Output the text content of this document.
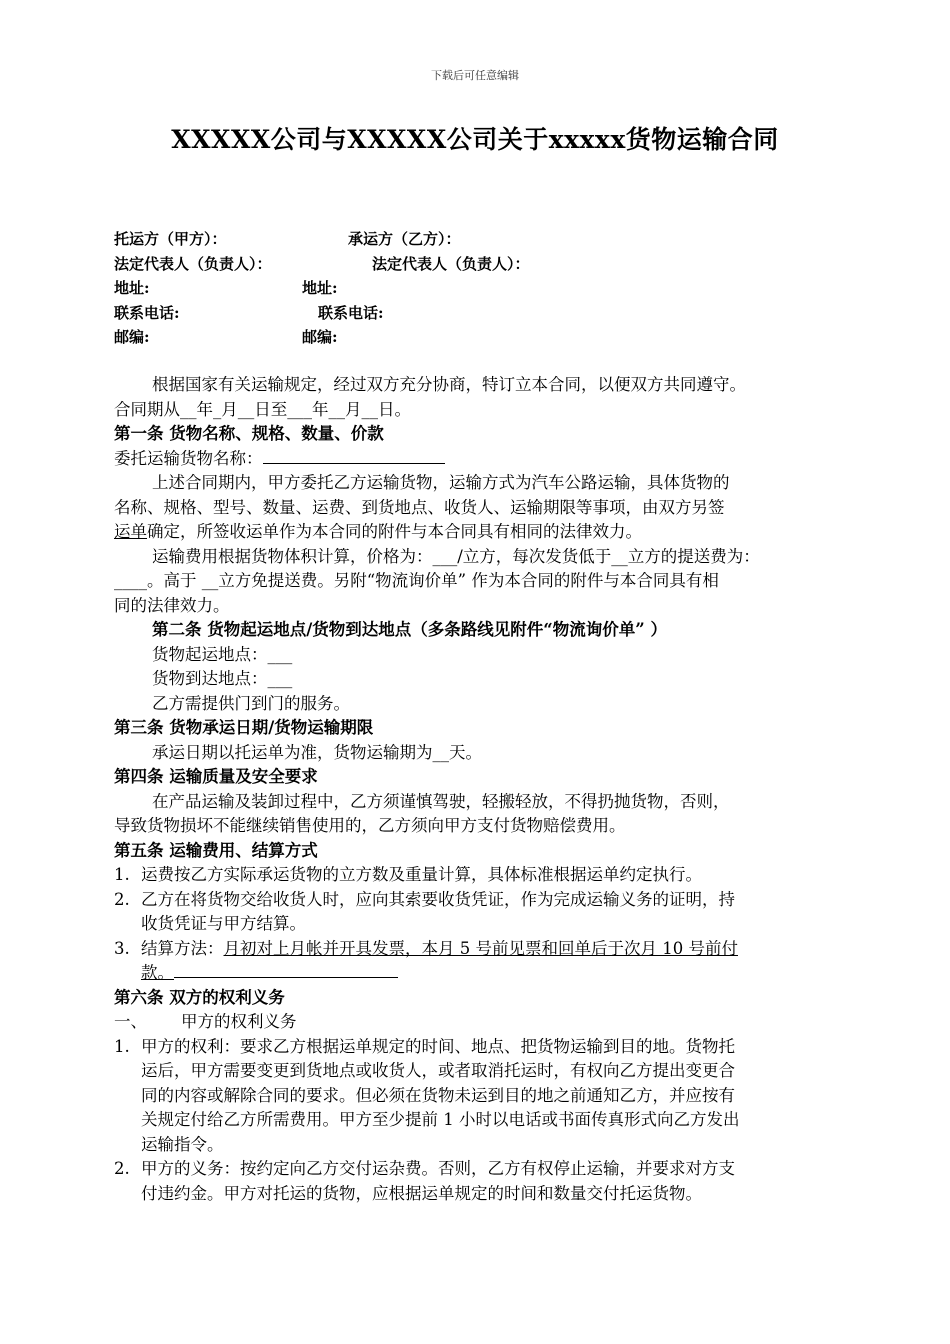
下载后可任意编辑
XXXXX公司与XXXXX公司关于xxxxx货物运输合同
托运方（甲方）：	承运方（乙方）：
法定代表人（负责人）：	法定代表人（负责人）：
地址:	地址:
联系电话:	联系电话:
邮编:	邮编:
根据国家有关运输规定，经过双方充分协商，特订立本合同，以便双方共同遵守。
合同期从__年_月__日至___年__月__日。
第一条 货物名称、规格、数量、价款
委托运输货物名称：
上述合同期内，甲方委托乙方运输货物，运输方式为汽车公路运输，具体货物的
名称、规格、型号、数量、运费、到货地点、收货人、运输期限等事项，由双方另签
运单确定，所签收运单作为本合同的附件与本合同具有相同的法律效力。
运输费用根据货物体积计算，价格为：___/立方，每次发货低于__立方的提送费为：
____。高于 __立方免提送费。另附“物流询价单” 作为本合同的附件与本合同具有相
同的法律效力。
第二条 货物起运地点/货物到达地点（多条路线见附件“物流询价单” ）
货物起运地点：___
货物到达地点：___
乙方需提供门到门的服务。
第三条 货物承运日期/货物运输期限
承运日期以托运单为准，货物运输期为__天。
第四条 运输质量及安全要求
在产品运输及装卸过程中，乙方须谨慎驾驶，轻搬轻放，不得扔抛货物，否则，
导致货物损坏不能继续销售使用的，乙方须向甲方支付货物赔偿费用。
第五条 运输费用、结算方式
1. 运费按乙方实际承运货物的立方数及重量计算，具体标准根据运单约定执行。
2. 乙方在将货物交给收货人时，应向其索要收货凭证，作为完成运输义务的证明，持
收货凭证与甲方结算。
3. 结算方法：月初对上月帐并开具发票，本月 5 号前见票和回单后于次月 10 号前付
款。
第六条 双方的权利义务
一、 甲方的权利义务
1. 甲方的权利：要求乙方根据运单规定的时间、地点、把货物运输到目的地。货物托
运后，甲方需要变更到货地点或收货人，或者取消托运时，有权向乙方提出变更合
同的内容或解除合同的要求。但必须在货物未运到目的地之前通知乙方，并应按有
关规定付给乙方所需费用。甲方至少提前 1 小时以电话或书面传真形式向乙方发出
运输指令。
2. 甲方的义务：按约定向乙方交付运杂费。否则，乙方有权停止运输，并要求对方支
付违约金。甲方对托运的货物，应根据运单规定的时间和数量交付托运货物。
